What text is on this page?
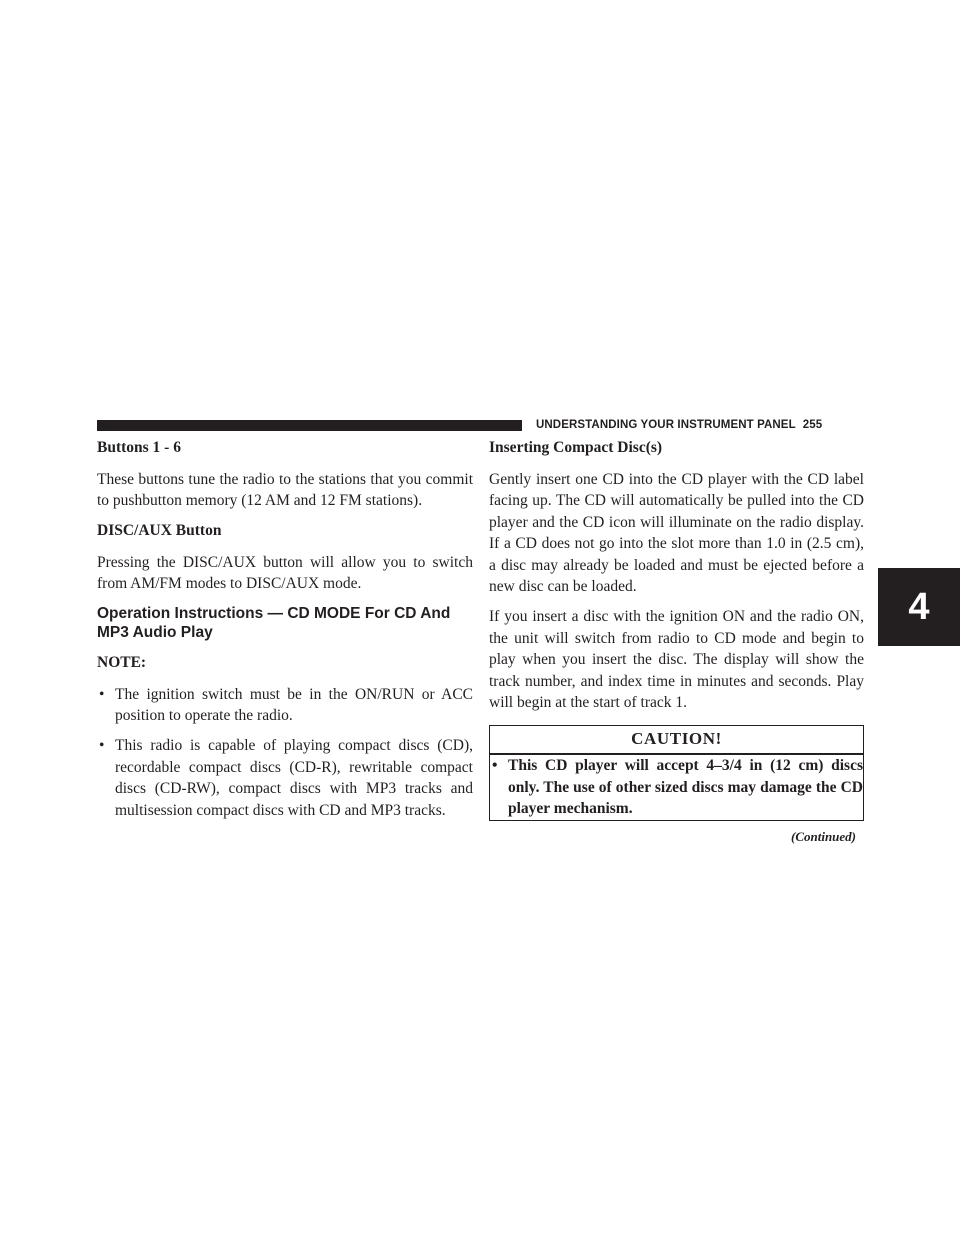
UNDERSTANDING YOUR INSTRUMENT PANEL 255
4
Buttons 1 - 6

These buttons tune the radio to the stations that you commit to pushbutton memory (12 AM and 12 FM stations).

DISC/AUX Button

Pressing the DISC/AUX button will allow you to switch from AM/FM modes to DISC/AUX mode.

Operation Instructions — CD MODE For CD And MP3 Audio Play
NOTE:
• The ignition switch must be in the ON/RUN or ACC position to operate the radio.
• This radio is capable of playing compact discs (CD), recordable compact discs (CD-R), rewritable compact discs (CD-RW), compact discs with MP3 tracks and multisession compact discs with CD and MP3 tracks.
Inserting Compact Disc(s)

Gently insert one CD into the CD player with the CD label facing up. The CD will automatically be pulled into the CD player and the CD icon will illuminate on the radio display. If a CD does not go into the slot more than 1.0 in (2.5 cm), a disc may already be loaded and must be ejected before a new disc can be loaded.

If you insert a disc with the ignition ON and the radio ON, the unit will switch from radio to CD mode and begin to play when you insert the disc. The display will show the track number, and index time in minutes and seconds. Play will begin at the start of track 1.

CAUTION!
• This CD player will accept 4–3/4 in (12 cm) discs only. The use of other sized discs may damage the CD player mechanism.
(Continued)
